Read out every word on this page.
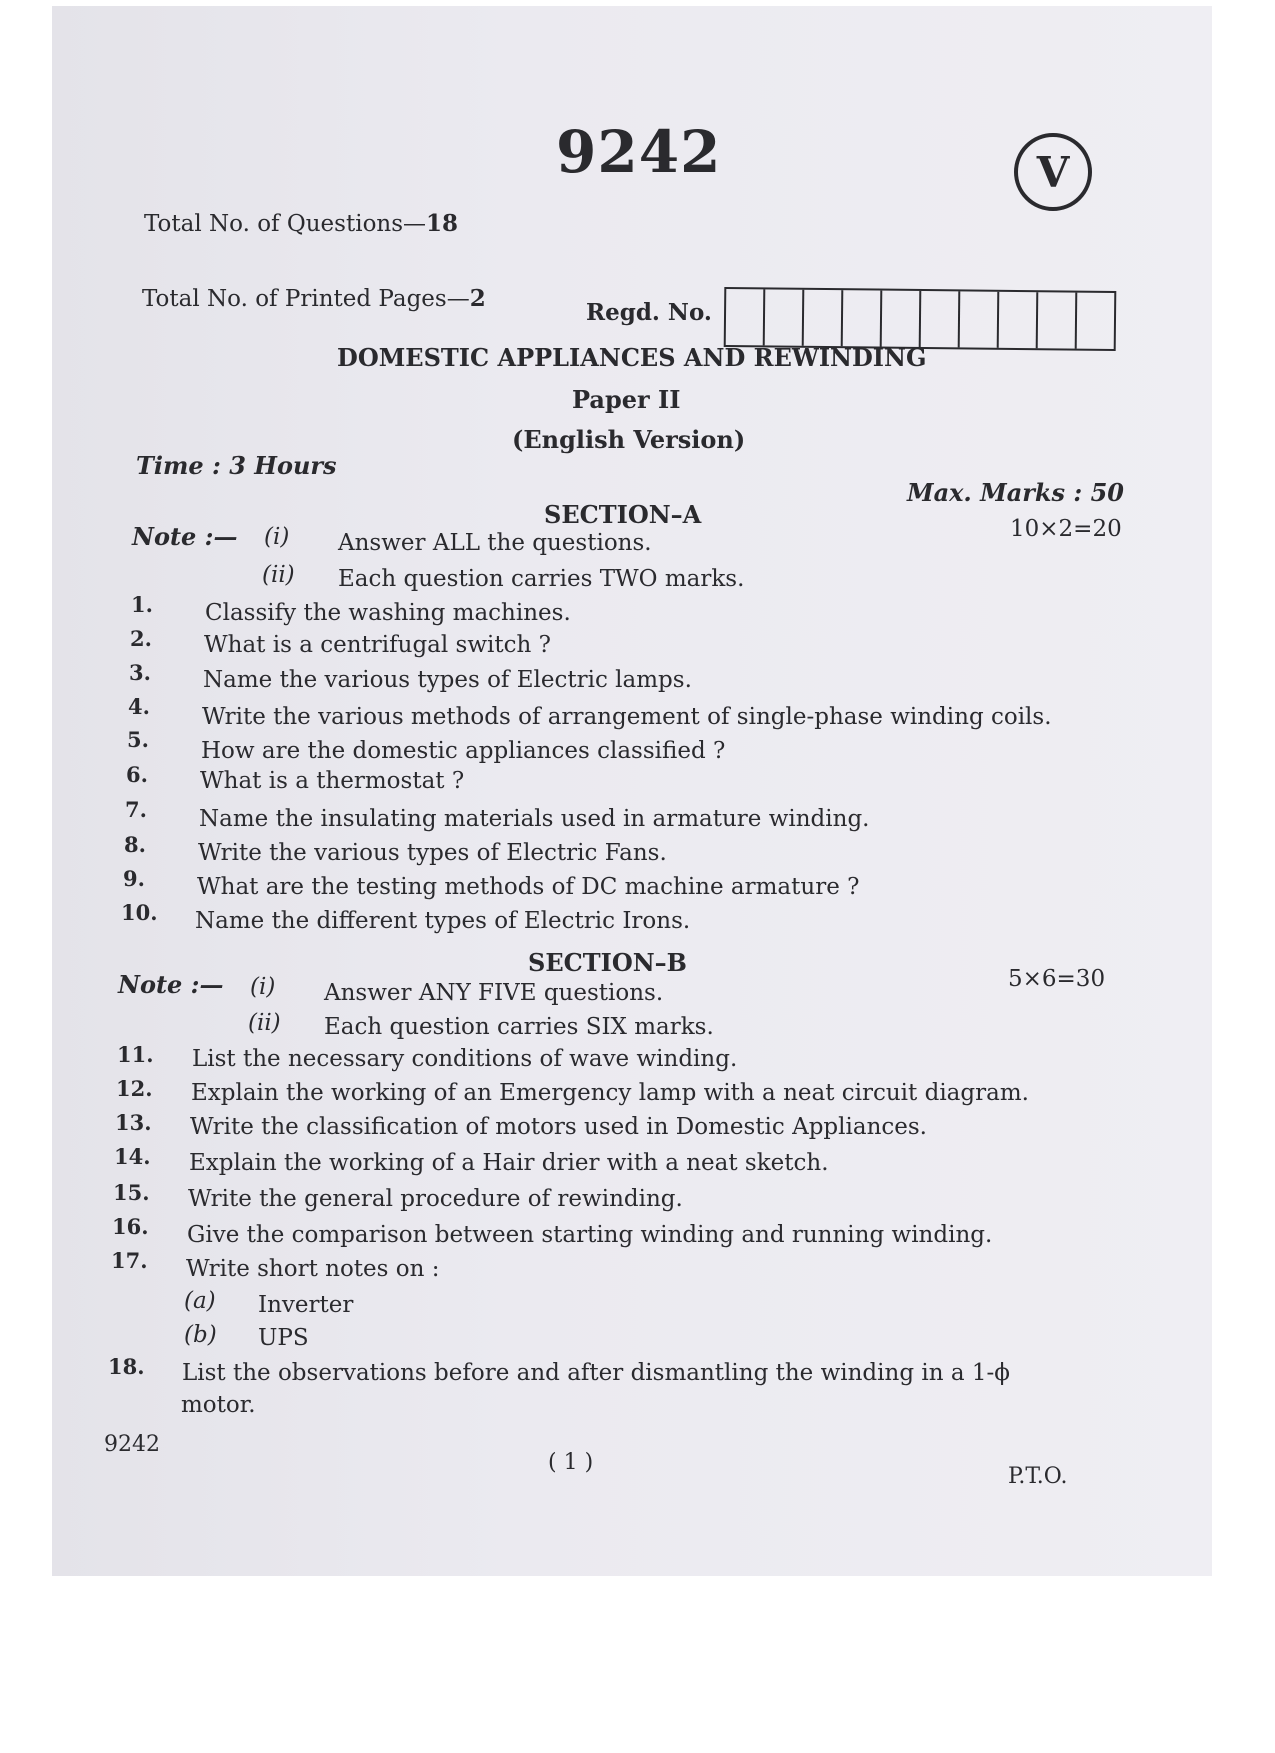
9242	V
Total No. of Questions—18
Total No. of Printed Pages—2
Regd. No.
DOMESTIC APPLIANCES AND REWINDING
Paper II
(English Version)
Time : 3 Hours
Max. Marks : 50
SECTION–A	10×2=20
Note :— (i) Answer ALL the questions.
(ii) Each question carries TWO marks.
1. Classify the washing machines.
2. What is a centrifugal switch ?
3. Name the various types of Electric lamps.
4. Write the various methods of arrangement of single-phase winding coils.
5. How are the domestic appliances classified ?
6. What is a thermostat ?
7. Name the insulating materials used in armature winding.
8. Write the various types of Electric Fans.
9. What are the testing methods of DC machine armature ?
10. Name the different types of Electric Irons.
SECTION–B
5×6=30
Note :— (i) Answer ANY FIVE questions.
(ii) Each question carries SIX marks.
11. List the necessary conditions of wave winding.
12. Explain the working of an Emergency lamp with a neat circuit diagram.
13. Write the classification of motors used in Domestic Appliances.
14. Explain the working of a Hair drier with a neat sketch.
15. Write the general procedure of rewinding.
16. Give the comparison between starting winding and running winding.
17. Write short notes on :
(a) Inverter
(b) UPS
18. List the observations before and after dismantling the winding in a 1-ϕ
motor.
9242
( 1 )
P.T.O.
